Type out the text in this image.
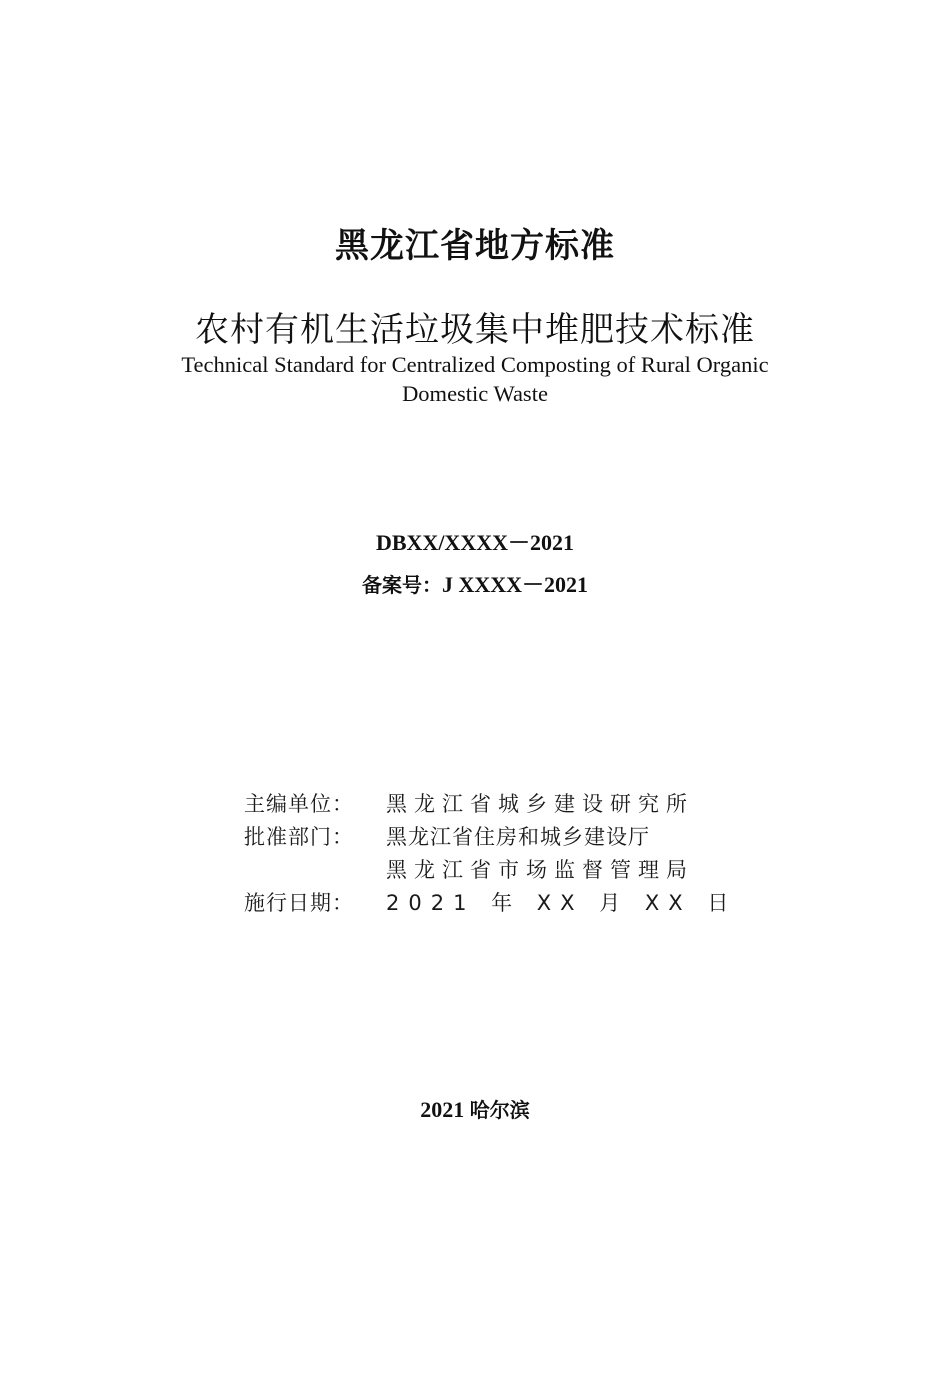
黑龙江省地方标准
农村有机生活垃圾集中堆肥技术标准
Technical Standard for Centralized Composting of Rural Organic
Domestic Waste
DBXX/XXXX－2021
备案号：J XXXX－2021
主编单位：	黑龙江省城乡建设研究所
批准部门：	黑龙江省住房和城乡建设厅
黑龙江省市场监督管理局
施行日期：	2021 年 XX 月 XX 日
2021 哈尔滨
